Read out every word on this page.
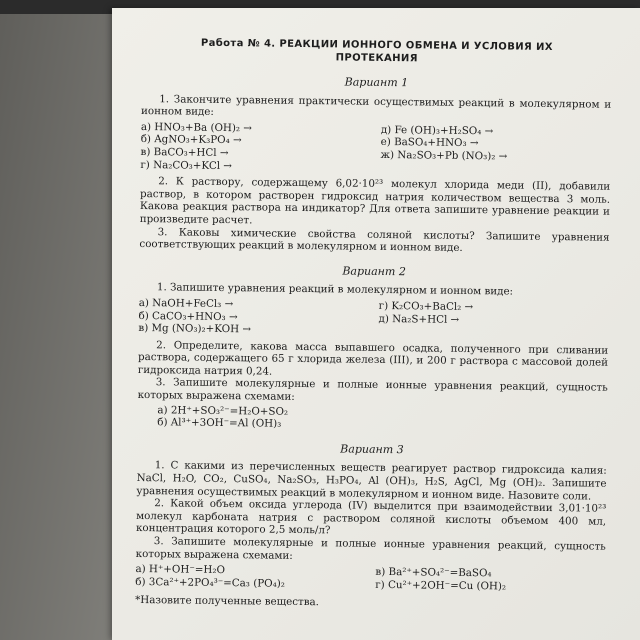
Работа № 4. РЕАКЦИИ ИОННОГО ОБМЕНА И УСЛОВИЯ ИХ
ПРОТЕКАНИЯ
Вариант 1

1. Закончите уравнения практически осуществимых реакций в молекулярном и ионном виде:

а) HNO₃+Ba (OH)₂ →	д) Fe (OH)₃+H₂SO₄ →
б) AgNO₃+K₃PO₄ →	е) BaSO₄+HNO₃ →
в) BaCO₃+HCl →	ж) Na₂SO₃+Pb (NO₃)₂ →
г) Na₂CO₃+KCl →

2. К раствору, содержащему 6,02·10²³ молекул хлорида меди (II), добавили раствор, в котором растворен гидроксид натрия количеством вещества 3 моль. Какова реакция раствора на индикатор? Для ответа запишите уравнение реакции и произведите расчет.

3. Каковы химические свойства соляной кислоты? Запишите уравнения соответствующих реакций в молекулярном и ионном виде.

Вариант 2

1. Запишите уравнения реакций в молекулярном и ионном виде:

а) NaOH+FeCl₃ →	г) K₂CO₃+BaCl₂ →
б) CaCO₃+HNO₃ →	д) Na₂S+HCl →
в) Mg (NO₃)₂+KOH →

2. Определите, какова масса выпавшего осадка, полученного при сливании раствора, содержащего 65 г хлорида железа (III), и 200 г раствора с массовой долей гидроксида натрия 0,24.

3. Запишите молекулярные и полные ионные уравнения реакций, сущность которых выражена схемами:

а) 2H⁺+SO₃²⁻=H₂O+SO₂
б) Al³⁺+3OH⁻=Al (OH)₃
Вариант 3

1. С какими из перечисленных веществ реагирует раствор гидроксида калия: NaCl, H₂O, CO₂, CuSO₄, Na₂SO₃, H₃PO₄, Al (OH)₃, H₂S, AgCl, Mg (OH)₂. Запишите уравнения осуществимых реакций в молекулярном и ионном виде. Назовите соли.

2. Какой объем оксида углерода (IV) выделится при взаимодействии 3,01·10²³ молекул карбоната натрия с раствором соляной кислоты объемом 400 мл, концентрация которого 2,5 моль/л?

3. Запишите молекулярные и полные ионные уравнения реакций, сущность которых выражена схемами:

а) H⁺+OH⁻=H₂O	в) Ba²⁺+SO₄²⁻=BaSO₄
б) 3Ca²⁺+2PO₄³⁻=Ca₃ (PO₄)₂	г) Cu²⁺+2OH⁻=Cu (OH)₂
*Назовите полученные вещества.
